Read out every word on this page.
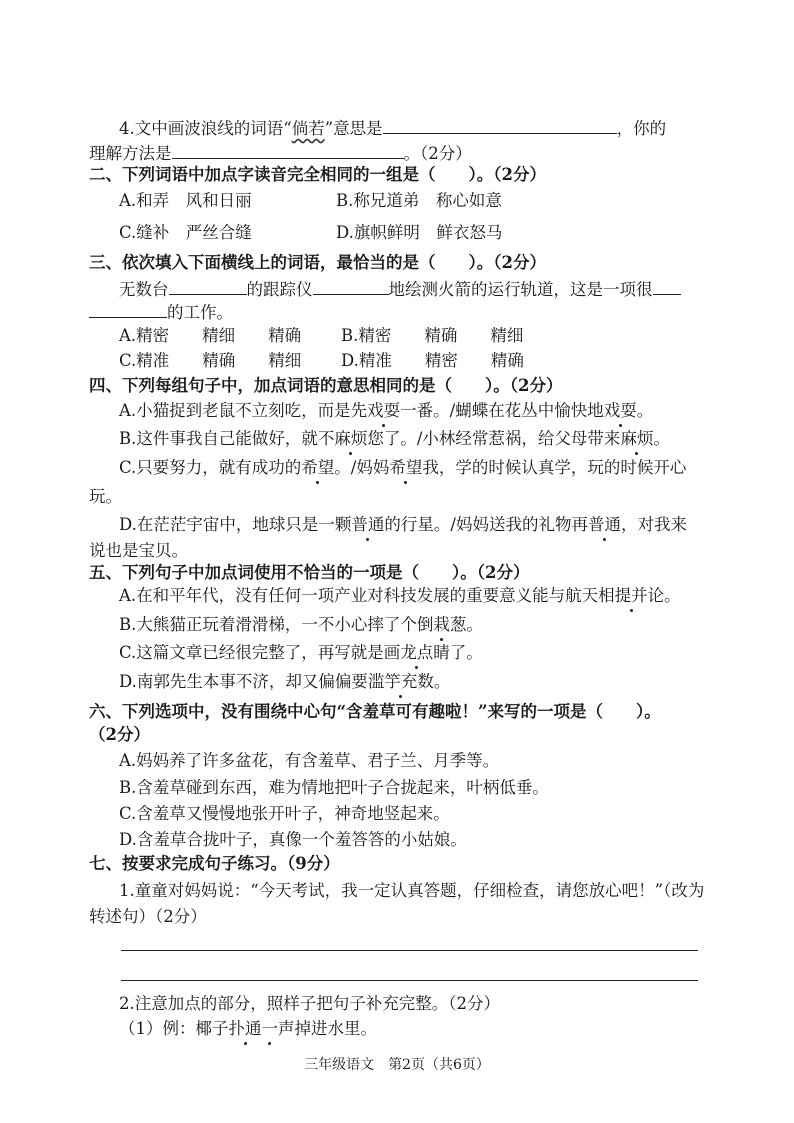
4.文中画波浪线的词语“倘若”意思是	，你的
理解方法是	。（2分）
二、下列词语中加点字读音完全相同的一组是（　　）。（2分）
A.和弄　风和日丽	B.称兄道弟　称心如意
C.缝补　严丝合缝	D.旗帜鲜明　鲜衣怒马
三、依次填入下面横线上的词语，最恰当的是（　　）。（2分）
无数台	的跟踪仪	地绘测火箭的运行轨道，这是一项很
的工作。
A.精密　　精细　　精确 B.精密　　精确　　精细
C.精准　　精确　　精细 D.精准　　精密　　精确
四、下列每组句子中，加点词语的意思相同的是（　　）。（2分）
A.小猫捉到老鼠不立刻吃，而是先戏耍一番。/蝴蝶在花丛中愉快地戏耍。
B.这件事我自己能做好，就不麻烦您了。/小林经常惹祸，给父母带来麻烦。
C.只要努力，就有成功的希望。/妈妈希望我，学的时候认真学，玩的时候开心
玩。
D.在茫茫宇宙中，地球只是一颗普通的行星。/妈妈送我的礼物再普通，对我来
说也是宝贝。
五、下列句子中加点词使用不恰当的一项是（　　）。（2分）
A.在和平年代，没有任何一项产业对科技发展的重要意义能与航天相提并论。
B.大熊猫正玩着滑滑梯，一不小心摔了个倒栽葱。
C.这篇文章已经很完整了，再写就是画龙点睛了。
D.南郭先生本事不济，却又偏偏要滥竽充数。
六、下列选项中，没有围绕中心句“含羞草可有趣啦！”来写的一项是（　　）。
（2分）
A.妈妈养了许多盆花，有含羞草、君子兰、月季等。
B.含羞草碰到东西，难为情地把叶子合拢起来，叶柄低垂。
C.含羞草又慢慢地张开叶子，神奇地竖起来。
D.含羞草合拢叶子，真像一个羞答答的小姑娘。
七、按要求完成句子练习。（9分）
1.童童对妈妈说：“今天考试，我一定认真答题，仔细检查，请您放心吧！”（改为
转述句）（2分）
2.注意加点的部分，照样子把句子补充完整。（2分）
（1）例：椰子扑通一声掉进水里。
三年级语文　第2页（共6页）
